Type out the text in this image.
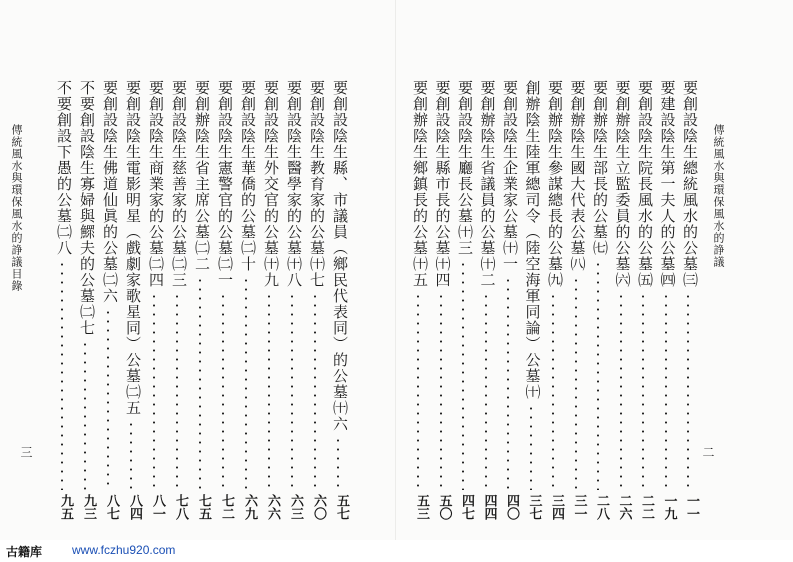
傳統風水與環保風水的諍議目錄
三
要創設陰生縣、市議員（鄉民代表同）的公墓㈩六
五七
要創設陰生教育家的公墓㈩七
六〇
要創設陰生醫學家的公墓㈩八
六三
要創設陰生外交官的公墓㈩九
六六
要創設陰生華僑的公墓㈡十
六九
要創設陰生憲警官的公墓㈡一
七二
要創辦陰生省主席公墓㈡二
七五
要創設陰生慈善家的公墓㈡三
七八
要創設陰生商業家的公墓㈡四
八一
要創設陰生電影明星（戲劇家歌星同）公墓㈡五
八四
要創設陰生佛道仙眞的公墓㈡六
八七
不要創設陰生寡婦與鰥夫的公墓㈡七
九三
不要創設下愚的公墓㈡八
九五
傳統風水與環保風水的諍議
二
要創設陰生總統風水的公墓㈢
一一
要建設陰生第一夫人的公墓㈣
一九
要創設陰生院長風水的公墓㈤
二二
要創辦陰生立監委員的公墓㈥
二六
要創辦陰生部長的公墓㈦
二八
要創辦陰生國大代表公墓㈧
三一
要創辦陰生參謀總長的公墓㈨
三四
創辦陰生陸軍總司令（陸空海軍同論）公墓㈩
三七
要創設陰生企業家公墓㈩一
四〇
要創辦陰生省議員的公墓㈩二
四四
要創設陰生廳長公墓㈩三
四七
要創設陰生縣市長的公墓㈩四
五〇
要創辦陰生鄉鎮長的公墓㈩五
五三
古籍库 www.fczhu920.com
